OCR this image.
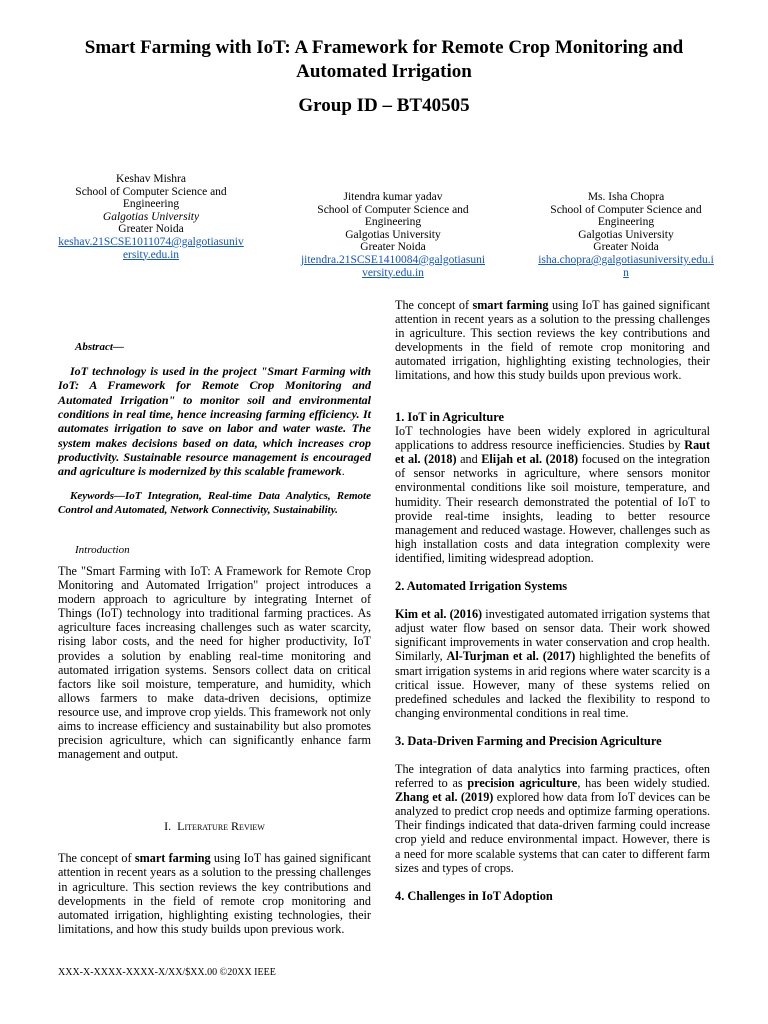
Smart Farming with IoT: A Framework for Remote Crop Monitoring and Automated Irrigation
Group ID – BT40505
Keshav Mishra
School of Computer Science and Engineering
Galgotias University
Greater Noida
keshav.21SCSE1011074@galgotiasuniversity.edu.in
Jitendra kumar yadav
School of Computer Science and Engineering
Galgotias University
Greater Noida
jitendra.21SCSE1410084@galgotiasuniversity.edu.in
Ms. Isha Chopra
School of Computer Science and Engineering
Galgotias University
Greater Noida
isha.chopra@galgotiasuniversity.edu.in

Abstract—

IoT technology is used in the project "Smart Farming with IoT: A Framework for Remote Crop Monitoring and Automated Irrigation" to monitor soil and environmental conditions in real time, hence increasing farming efficiency. It automates irrigation to save on labor and water waste. The system makes decisions based on data, which increases crop productivity. Sustainable resource management is encouraged and agriculture is modernized by this scalable framework.

Keywords—IoT Integration, Real-time Data Analytics, Remote Control and Automated, Network Connectivity, Sustainability.

Introduction

The "Smart Farming with IoT: A Framework for Remote Crop Monitoring and Automated Irrigation" project introduces a modern approach to agriculture by integrating Internet of Things (IoT) technology into traditional farming practices. As agriculture faces increasing challenges such as water scarcity, rising labor costs, and the need for higher productivity, IoT provides a solution by enabling real-time monitoring and automated irrigation systems. Sensors collect data on critical factors like soil moisture, temperature, and humidity, which allows farmers to make data-driven decisions, optimize resource use, and improve crop yields. This framework not only aims to increase efficiency and sustainability but also promotes precision agriculture, which can significantly enhance farm management and output.

I. Literature Review

The concept of smart farming using IoT has gained significant attention in recent years as a solution to the pressing challenges in agriculture. This section reviews the key contributions and developments in the field of remote crop monitoring and automated irrigation, highlighting existing technologies, their limitations, and how this study builds upon previous work.

The concept of smart farming using IoT has gained significant attention in recent years as a solution to the pressing challenges in agriculture. This section reviews the key contributions and developments in the field of remote crop monitoring and automated irrigation, highlighting existing technologies, their limitations, and how this study builds upon previous work.

1. IoT in Agriculture

IoT technologies have been widely explored in agricultural applications to address resource inefficiencies. Studies by Raut et al. (2018) and Elijah et al. (2018) focused on the integration of sensor networks in agriculture, where sensors monitor environmental conditions like soil moisture, temperature, and humidity. Their research demonstrated the potential of IoT to provide real-time insights, leading to better resource management and reduced wastage. However, challenges such as high installation costs and data integration complexity were identified, limiting widespread adoption.

2. Automated Irrigation Systems

Kim et al. (2016) investigated automated irrigation systems that adjust water flow based on sensor data. Their work showed significant improvements in water conservation and crop health. Similarly, Al-Turjman et al. (2017) highlighted the benefits of smart irrigation systems in arid regions where water scarcity is a critical issue. However, many of these systems relied on predefined schedules and lacked the flexibility to respond to changing environmental conditions in real time.

3. Data-Driven Farming and Precision Agriculture

The integration of data analytics into farming practices, often referred to as precision agriculture, has been widely studied. Zhang et al. (2019) explored how data from IoT devices can be analyzed to predict crop needs and optimize farming operations. Their findings indicated that data-driven farming could increase crop yield and reduce environmental impact. However, there is a need for more scalable systems that can cater to different farm sizes and types of crops.

4. Challenges in IoT Adoption

XXX-X-XXXX-XXXX-X/XX/$XX.00 ©20XX IEEE
